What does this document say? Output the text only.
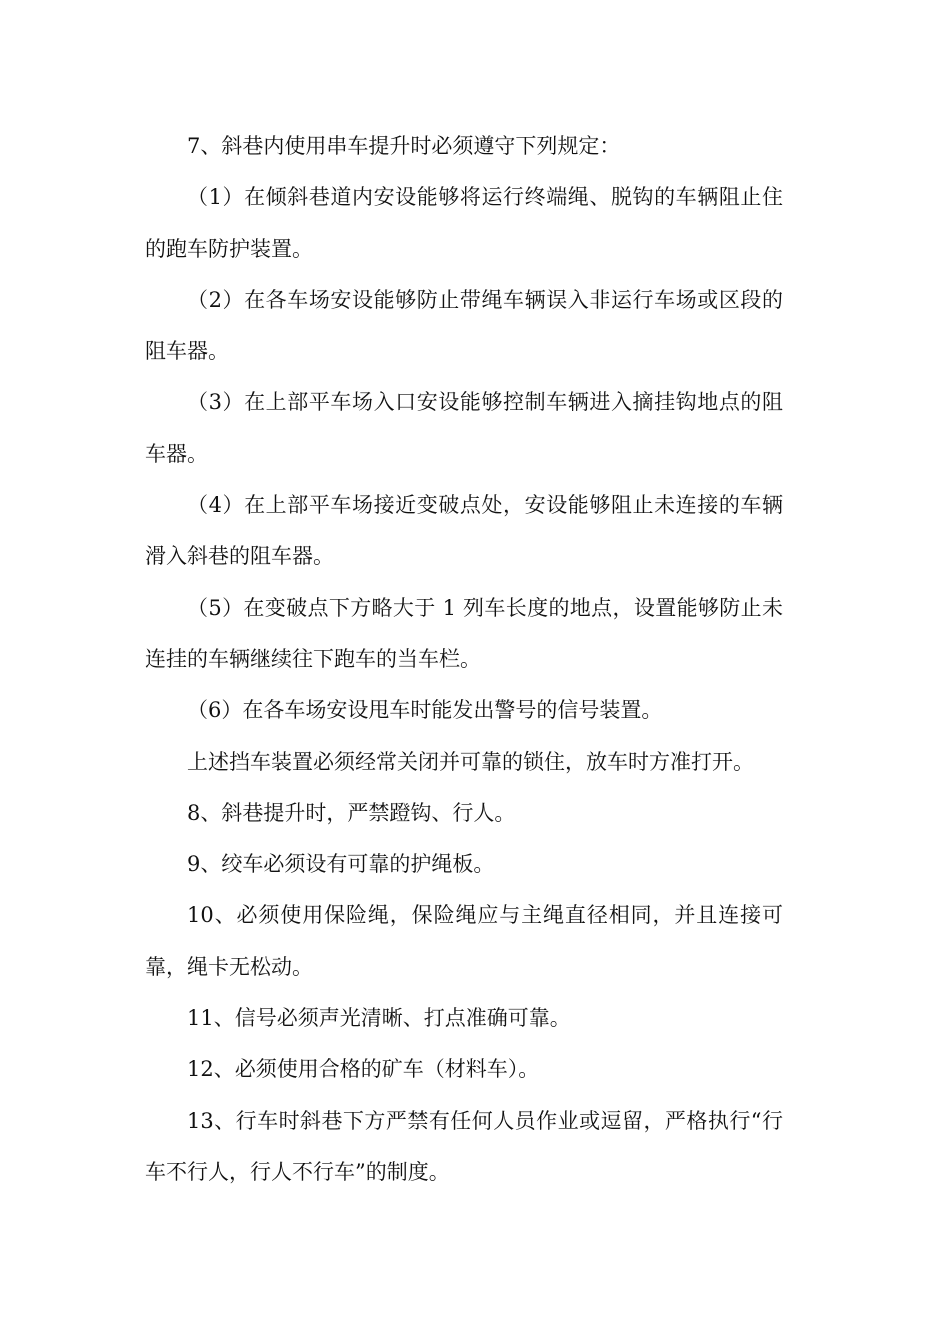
7、斜巷内使用串车提升时必须遵守下列规定：

（1）在倾斜巷道内安设能够将运行终端绳、脱钩的车辆阻止住的跑车防护装置。

（2）在各车场安设能够防止带绳车辆误入非运行车场或区段的阻车器。

（3）在上部平车场入口安设能够控制车辆进入摘挂钩地点的阻车器。

（4）在上部平车场接近变破点处，安设能够阻止未连接的车辆滑入斜巷的阻车器。

（5）在变破点下方略大于 1 列车长度的地点，设置能够防止未连挂的车辆继续往下跑车的当车栏。

（6）在各车场安设甩车时能发出警号的信号装置。

上述挡车装置必须经常关闭并可靠的锁住，放车时方准打开。

8、斜巷提升时，严禁蹬钩、行人。

9、绞车必须设有可靠的护绳板。

10、必须使用保险绳，保险绳应与主绳直径相同，并且连接可靠，绳卡无松动。

11、信号必须声光清晰、打点准确可靠。

12、必须使用合格的矿车（材料车）。

13、行车时斜巷下方严禁有任何人员作业或逗留，严格执行“行车不行人，行人不行车”的制度。
